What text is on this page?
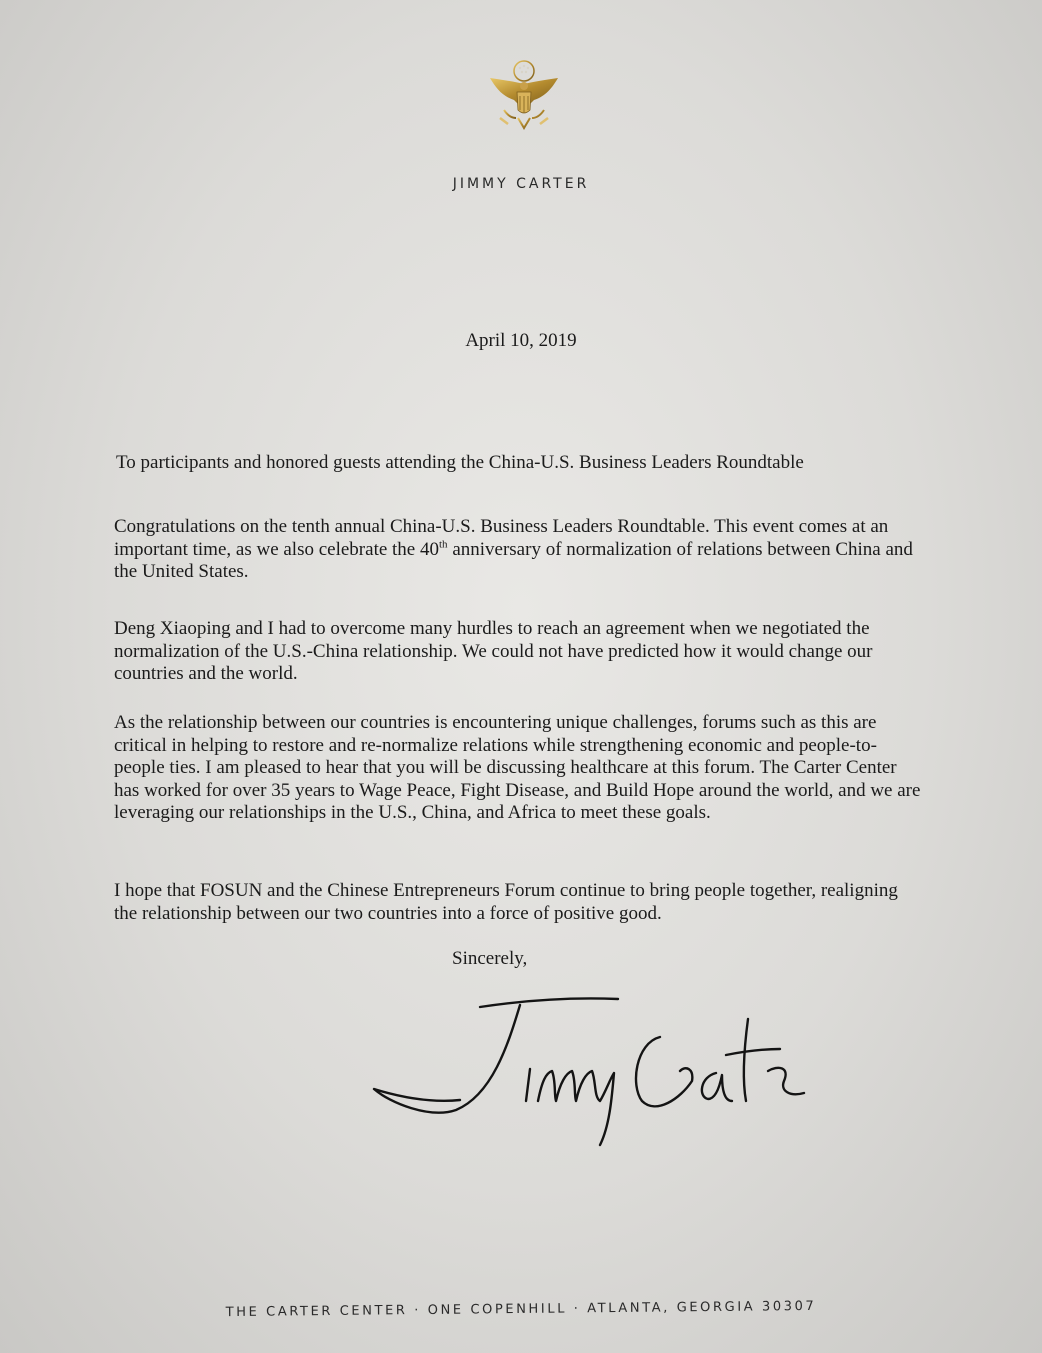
JIMMY CARTER
April 10, 2019
To participants and honored guests attending the China-U.S. Business Leaders Roundtable

Congratulations on the tenth annual China-U.S. Business Leaders Roundtable. This event comes at an important time, as we also celebrate the 40th anniversary of normalization of relations between China and the United States.

Deng Xiaoping and I had to overcome many hurdles to reach an agreement when we negotiated the normalization of the U.S.-China relationship. We could not have predicted how it would change our countries and the world.

As the relationship between our countries is encountering unique challenges, forums such as this are critical in helping to restore and re-normalize relations while strengthening economic and people-to-people ties. I am pleased to hear that you will be discussing healthcare at this forum. The Carter Center has worked for over 35 years to Wage Peace, Fight Disease, and Build Hope around the world, and we are leveraging our relationships in the U.S., China, and Africa to meet these goals.

I hope that FOSUN and the Chinese Entrepreneurs Forum continue to bring people together, realigning the relationship between our two countries into a force of positive good.

Sincerely,
THE CARTER CENTER · ONE COPENHILL · ATLANTA, GEORGIA 30307
